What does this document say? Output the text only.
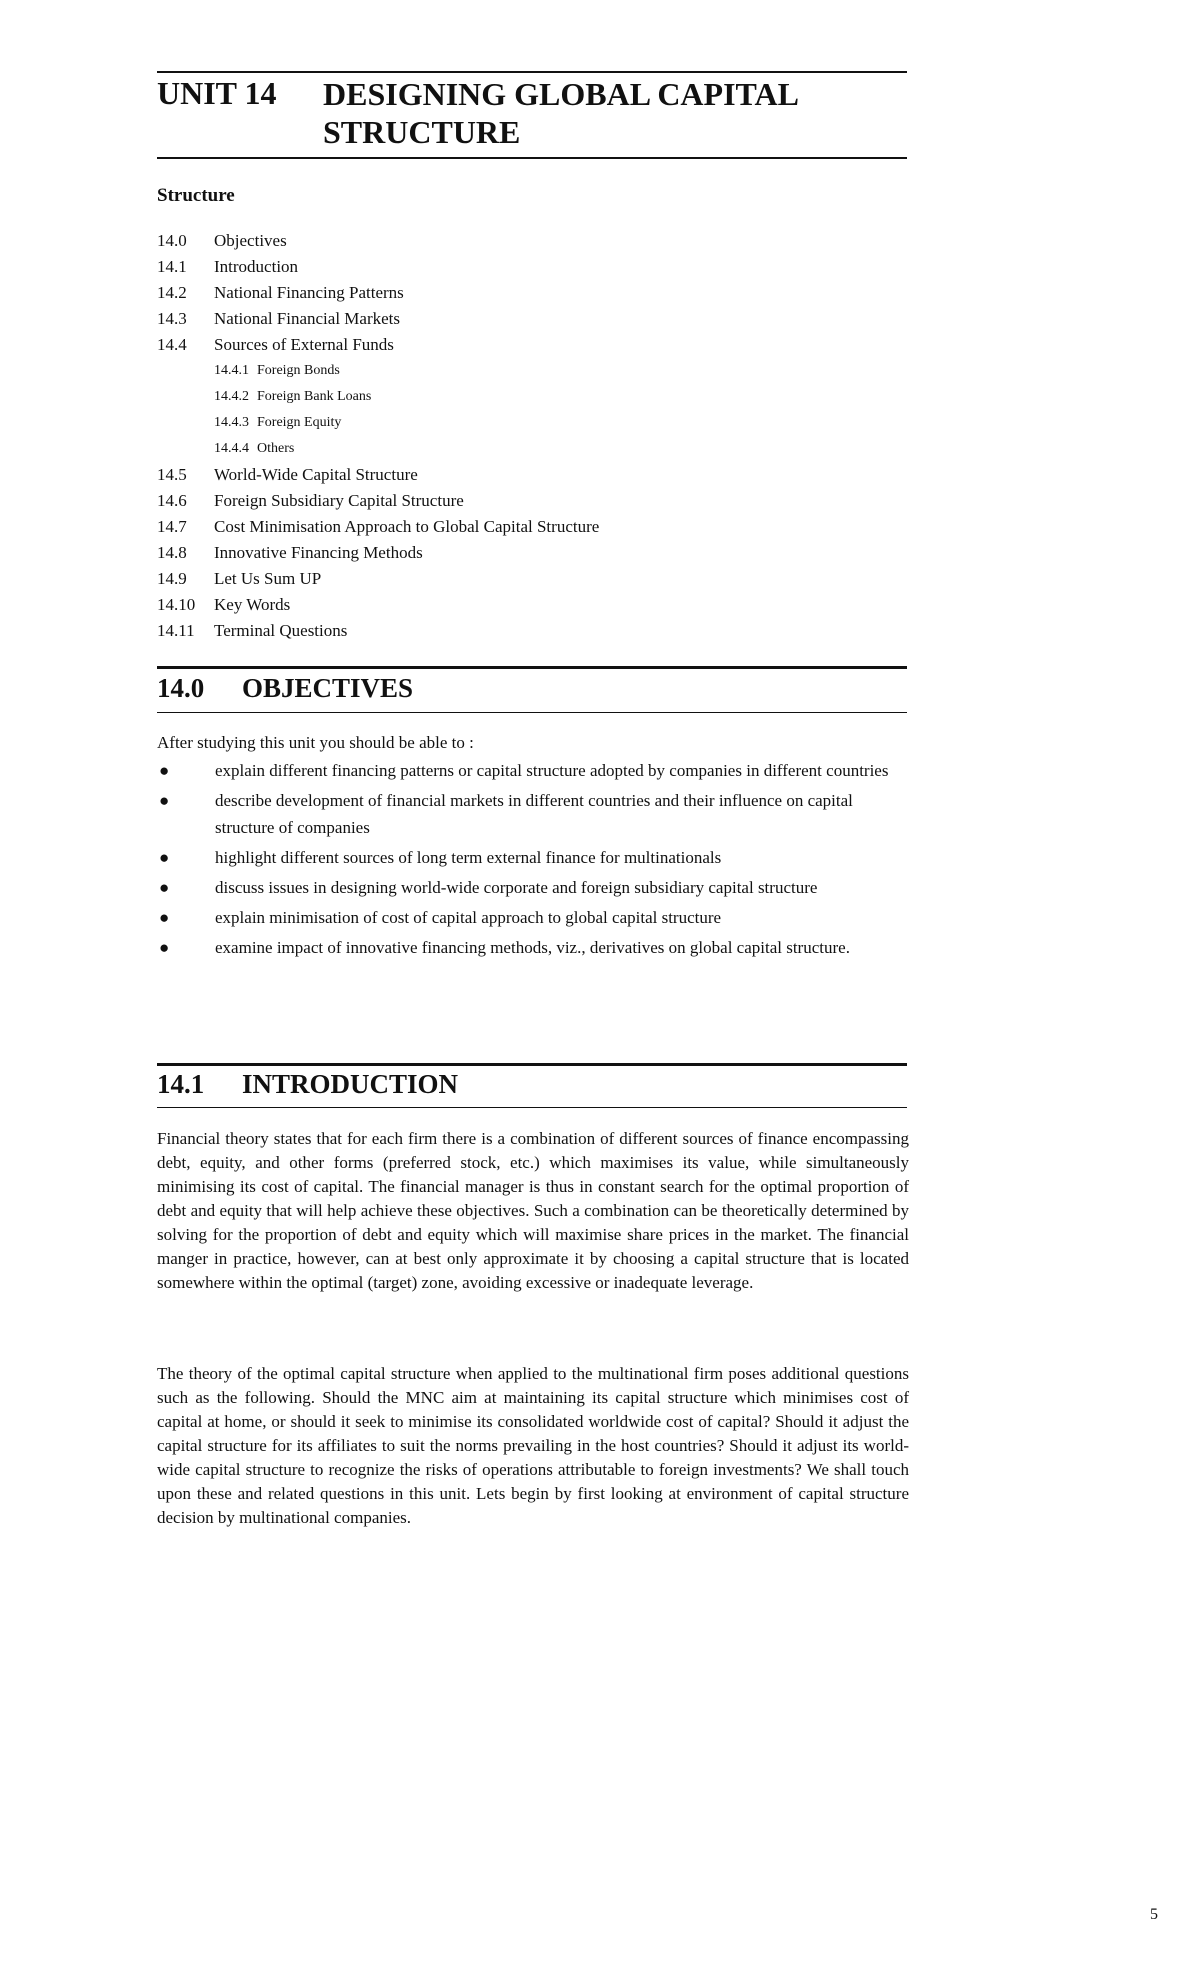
UNIT 14 DESIGNING GLOBAL CAPITAL
STRUCTURE
Structure
14.0 Objectives
14.1 Introduction
14.2 National Financing Patterns
14.3 National Financial Markets
14.4 Sources of External Funds
14.4.1 Foreign Bonds
14.4.2 Foreign Bank Loans
14.4.3 Foreign Equity
14.4.4 Others
14.5 World-Wide Capital Structure
14.6 Foreign Subsidiary Capital Structure
14.7 Cost Minimisation Approach to Global Capital Structure
14.8 Innovative Financing Methods
14.9 Let Us Sum UP
14.10 Key Words
14.11 Terminal Questions
14.0 OBJECTIVES
After studying this unit you should be able to :
●	explain different financing patterns or capital structure adopted by companies in different countries
●	describe development of financial markets in different countries and their influence on capital structure of companies
●	highlight different sources of long term external finance for multinationals
●	discuss issues in designing world-wide corporate and foreign subsidiary capital structure
●	explain minimisation of cost of capital approach to global capital structure
●	examine impact of innovative financing methods, viz., derivatives on global capital structure.
14.1 INTRODUCTION
Financial theory states that for each firm there is a combination of different sources of finance encompassing debt, equity, and other forms (preferred stock, etc.) which maximises its value, while simultaneously minimising its cost of capital. The financial manager is thus in constant search for the optimal proportion of debt and equity that will help achieve these objectives. Such a combination can be theoretically determined by solving for the proportion of debt and equity which will maximise share prices in the market. The financial manger in practice, however, can at best only approximate it by choosing a capital structure that is located somewhere within the optimal (target) zone, avoiding excessive or inadequate leverage.
The theory of the optimal capital structure when applied to the multinational firm poses additional questions such as the following. Should the MNC aim at maintaining its capital structure which minimises cost of capital at home, or should it seek to minimise its consolidated worldwide cost of capital? Should it adjust the capital structure for its affiliates to suit the norms prevailing in the host countries? Should it adjust its world-wide capital structure to recognize the risks of operations attributable to foreign investments? We shall touch upon these and related questions in this unit. Lets begin by first looking at environment of capital structure decision by multinational companies.
5
